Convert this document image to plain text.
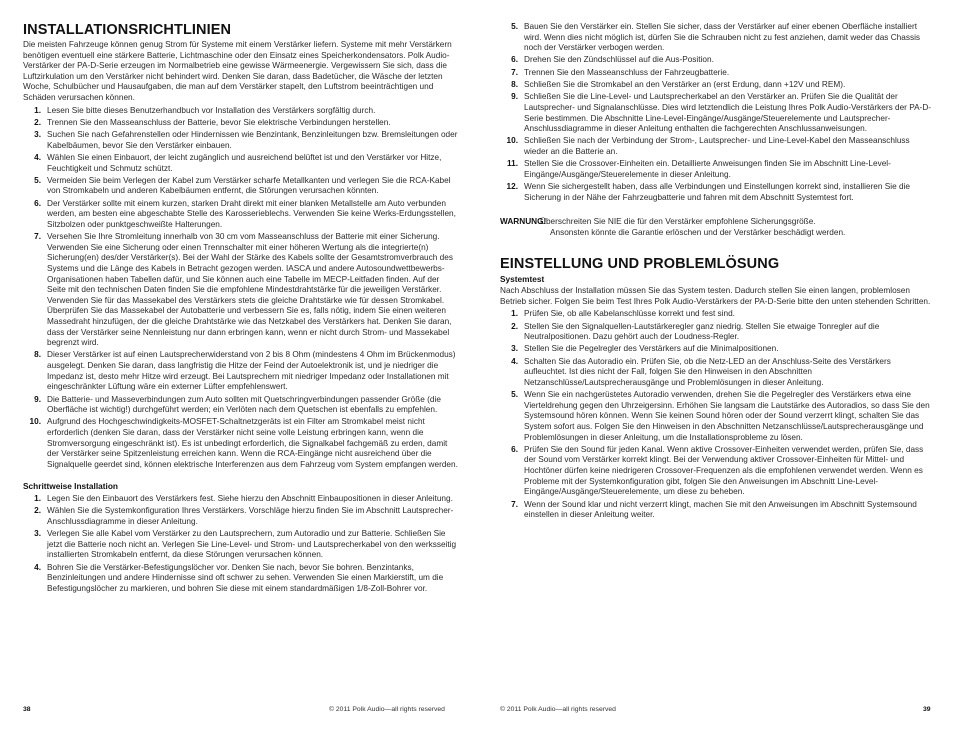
INSTALLATIONSRICHTLINIEN

Die meisten Fahrzeuge können genug Strom für Systeme mit einem Verstärker liefern. Systeme mit mehr Verstärkern benötigen eventuell eine stärkere Batterie, Lichtmaschine oder den Einsatz eines Speicherkondensators. Polk Audio-Verstärker der PA-D-Serie erzeugen im Normalbetrieb eine gewisse Wärmeenergie. Vergewissern Sie sich, dass die Luftzirkulation um den Verstärker nicht behindert wird. Denken Sie daran, dass Badetücher, die Wäsche der letzten Woche, Schulbücher und Hausaufgaben, die man auf dem Verstärker stapelt, den Luftstrom beeinträchtigen und Schäden verursachen können.

1. Lesen Sie bitte dieses Benutzerhandbuch vor Installation des Verstärkers sorgfältig durch.
2. Trennen Sie den Masseanschluss der Batterie, bevor Sie elektrische Verbindungen herstellen.
3. Suchen Sie nach Gefahrenstellen oder Hindernissen wie Benzintank, Benzinleitungen bzw. Bremsleitungen oder Kabelbäumen, bevor Sie den Verstärker einbauen.
4. Wählen Sie einen Einbauort, der leicht zugänglich und ausreichend belüftet ist und den Verstärker vor Hitze, Feuchtigkeit und Schmutz schützt.
5. Vermeiden Sie beim Verlegen der Kabel zum Verstärker scharfe Metallkanten und verlegen Sie die RCA-Kabel von Stromkabeln und anderen Kabelbäumen entfernt, die Störungen verursachen könnten.
6. Der Verstärker sollte mit einem kurzen, starken Draht direkt mit einer blanken Metallstelle am Auto verbunden werden, am besten eine abgeschabte Stelle des Karosserieblechs. Verwenden Sie keine Werks-Erdungsstellen, Sitzbolzen oder punktgeschweißte Halterungen.
7. Versehen Sie Ihre Stromleitung innerhalb von 30 cm vom Masseanschluss der Batterie mit einer Sicherung. Verwenden Sie eine Sicherung oder einen Trennschalter mit einer höheren Wertung als die integrierte(n) Sicherung(en) des/der Verstärker(s). Bei der Wahl der Stärke des Kabels sollte der Gesamtstromverbrauch des Systems und die Länge des Kabels in Betracht gezogen werden. IASCA und andere Autosoundwettbewerbs-Organisationen haben Tabellen dafür, und Sie können auch eine Tabelle im MECP-Leitfaden finden. Auf der Seite mit den technischen Daten finden Sie die empfohlene Mindestdrahtstärke für die jeweiligen Verstärker. Verwenden Sie für das Massekabel des Verstärkers stets die gleiche Drahtstärke wie für dessen Stromkabel. Überprüfen Sie das Massekabel der Autobatterie und verbessern Sie es, falls nötig, indem Sie einen weiteren Massedraht hinzufügen, der die gleiche Drahtstärke wie das Netzkabel des Verstärkers hat. Denken Sie daran, dass der Verstärker seine Nennleistung nur dann erbringen kann, wenn er nicht durch Strom- und Massekabel begrenzt wird.
8. Dieser Verstärker ist auf einen Lautsprecherwiderstand von 2 bis 8 Ohm (mindestens 4 Ohm im Brückenmodus) ausgelegt. Denken Sie daran, dass langfristig die Hitze der Feind der Autoelektronik ist, und je niedriger die Impedanz ist, desto mehr Hitze wird erzeugt. Bei Lautsprechern mit niedriger Impedanz oder Installationen mit eingeschränkter Lüftung wäre ein externer Lüfter empfehlenswert.
9. Die Batterie- und Masseverbindungen zum Auto sollten mit Quetschringverbindungen passender Größe (die Oberfläche ist wichtig!) durchgeführt werden; ein Verlöten nach dem Quetschen ist ebenfalls zu empfehlen.
10. Aufgrund des Hochgeschwindigkeits-MOSFET-Schaltnetzgeräts ist ein Filter am Stromkabel meist nicht erforderlich (denken Sie daran, dass der Verstärker nicht seine volle Leistung erbringen kann, wenn die Stromversorgung eingeschränkt ist). Es ist unbedingt erforderlich, die Signalkabel fachgemäß zu erden, damit der Verstärker seine Spitzenleistung erreichen kann. Wenn die RCA-Eingänge nicht ausreichend über die Signalquelle geerdet sind, können elektrische Interferenzen aus dem Fahrzeug vom System empfangen werden.
Schrittweise Installation
1. Legen Sie den Einbauort des Verstärkers fest. Siehe hierzu den Abschnitt Einbaupositionen in dieser Anleitung.
2. Wählen Sie die Systemkonfiguration Ihres Verstärkers. Vorschläge hierzu finden Sie im Abschnitt Lautsprecher-Anschlussdiagramme in dieser Anleitung.
3. Verlegen Sie alle Kabel vom Verstärker zu den Lautsprechern, zum Autoradio und zur Batterie. Schließen Sie jetzt die Batterie noch nicht an. Verlegen Sie Line-Level- und Strom- und Lautsprecherkabel von den werksseitig installierten Stromkabeln entfernt, da diese Störungen verursachen können.
4. Bohren Sie die Verstärker-Befestigungslöcher vor. Denken Sie nach, bevor Sie bohren. Benzintanks, Benzinleitungen und andere Hindernisse sind oft schwer zu sehen. Verwenden Sie einen Markierstift, um die Befestigungslöcher zu markieren, und bohren Sie diese mit einem standardmäßigen 1/8-Zoll-Bohrer vor.
38	© 2011 Polk Audio—all rights reserved
5. Bauen Sie den Verstärker ein. Stellen Sie sicher, dass der Verstärker auf einer ebenen Oberfläche installiert wird. Wenn dies nicht möglich ist, dürfen Sie die Schrauben nicht zu fest anziehen, damit weder das Chassis noch der Verstärker verbogen werden.
6. Drehen Sie den Zündschlüssel auf die Aus-Position.
7. Trennen Sie den Masseanschluss der Fahrzeugbatterie.
8. Schließen Sie die Stromkabel an den Verstärker an (erst Erdung, dann +12V und REM).
9. Schließen Sie die Line-Level- und Lautsprecherkabel an den Verstärker an. Prüfen Sie die Qualität der Lautsprecher- und Signalanschlüsse. Dies wird letztendlich die Leistung Ihres Polk Audio-Verstärkers der PA-D-Serie bestimmen. Die Abschnitte Line-Level-Eingänge/Ausgänge/Steuerelemente und Lautsprecher-Anschlussdiagramme in dieser Anleitung enthalten die fachgerechten Anschlussanweisungen.
10. Schließen Sie nach der Verbindung der Strom-, Lautsprecher- und Line-Level-Kabel den Masseanschluss wieder an die Batterie an.
11. Stellen Sie die Crossover-Einheiten ein. Detaillierte Anweisungen finden Sie im Abschnitt Line-Level-Eingänge/Ausgänge/Steuerelemente in dieser Anleitung.
12. Wenn Sie sichergestellt haben, dass alle Verbindungen und Einstellungen korrekt sind, installieren Sie die Sicherung in der Nähe der Fahrzeugbatterie und fahren mit dem Abschnitt Systemtest fort.
WARNUNG!
Überschreiten Sie NIE die für den Verstärker empfohlene Sicherungsgröße.
Ansonsten könnte die Garantie erlöschen und der Verstärker beschädigt werden.
EINSTELLUNG UND PROBLEMLÖSUNG
Systemtest

Nach Abschluss der Installation müssen Sie das System testen. Dadurch stellen Sie einen langen, problemlosen Betrieb sicher. Folgen Sie beim Test Ihres Polk Audio-Verstärkers der PA-D-Serie bitte den unten stehenden Schritten.

1. Prüfen Sie, ob alle Kabelanschlüsse korrekt und fest sind.
2. Stellen Sie den Signalquellen-Lautstärkeregler ganz niedrig. Stellen Sie etwaige Tonregler auf die Neutralpositionen. Dazu gehört auch der Loudness-Regler.
3. Stellen Sie die Pegelregler des Verstärkers auf die Minimalpositionen.
4. Schalten Sie das Autoradio ein. Prüfen Sie, ob die Netz-LED an der Anschluss-Seite des Verstärkers aufleuchtet. Ist dies nicht der Fall, folgen Sie den Hinweisen in den Abschnitten Netzanschlüsse/Lautsprecherausgänge und Problemlösungen in dieser Anleitung.
5. Wenn Sie ein nachgerüstetes Autoradio verwenden, drehen Sie die Pegelregler des Verstärkers etwa eine Vierteldrehung gegen den Uhrzeigersinn. Erhöhen Sie langsam die Lautstärke des Autoradios, so dass Sie den Systemsound hören können. Wenn Sie keinen Sound hören oder der Sound verzerrt klingt, schalten Sie das System sofort aus. Folgen Sie den Hinweisen in den Abschnitten Netzanschlüsse/Lautsprecherausgänge und Problemlösungen in dieser Anleitung, um die Installationsprobleme zu lösen.
6. Prüfen Sie den Sound für jeden Kanal. Wenn aktive Crossover-Einheiten verwendet werden, prüfen Sie, dass der Sound vom Verstärker korrekt klingt. Bei der Verwendung aktiver Crossover-Einheiten für Mittel- und Hochtöner dürfen keine niedrigeren Crossover-Frequenzen als die empfohlenen verwendet werden. Wenn es Probleme mit der Systemkonfiguration gibt, folgen Sie den Anweisungen im Abschnitt Line-Level-Eingänge/Ausgänge/Steuerelemente, um diese zu beheben.
7. Wenn der Sound klar und nicht verzerrt klingt, machen Sie mit den Anweisungen im Abschnitt Systemsound einstellen in dieser Anleitung weiter.
© 2011 Polk Audio—all rights reserved	39
